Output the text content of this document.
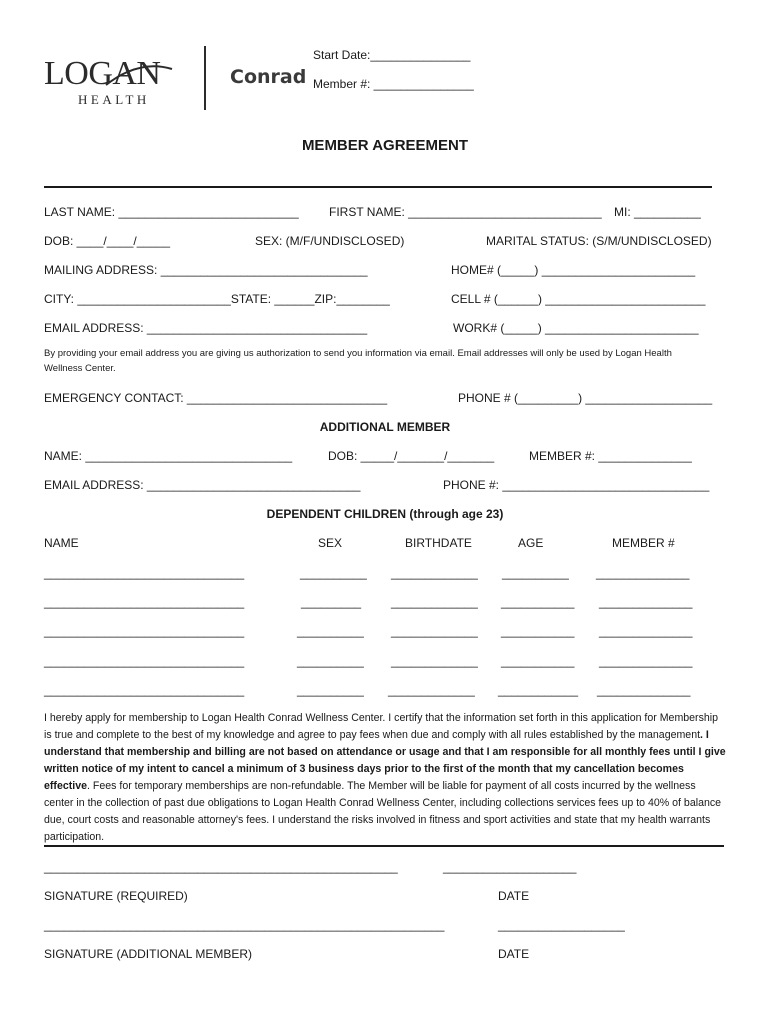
LOGAN
HEALTH
Conrad
Start Date:_______________
Member #: _______________
MEMBER AGREEMENT
LAST NAME: ___________________________	FIRST NAME: _____________________________ MI: __________
DOB: ____/____/_____	SEX: (M/F/UNDISCLOSED)	MARITAL STATUS: (S/M/UNDISCLOSED)
MAILING ADDRESS: _______________________________	HOME# (_____) _______________________
CITY: _______________________STATE: ______ZIP:________	CELL # (______) ________________________
EMAIL ADDRESS: _________________________________	WORK# (_____) _______________________
By providing your email address you are giving us authorization to send you information via email. Email addresses will only be used by Logan Health Wellness Center.
EMERGENCY CONTACT: ______________________________	PHONE # (_________) ___________________
ADDITIONAL MEMBER
NAME: _______________________________	DOB: _____/_______/_______	MEMBER #: ______________
EMAIL ADDRESS: ________________________________	PHONE #: _______________________________
DEPENDENT CHILDREN (through age 23)
NAME	SEX	BIRTHDATE	AGE	MEMBER #
______________________________	__________ _____________ __________ ______________
______________________________	_________ _____________ ___________ ______________
______________________________	__________ _____________ ___________ ______________
______________________________	__________ _____________ ___________ ______________
______________________________	__________ _____________ ____________ ______________
I hereby apply for membership to Logan Health Conrad Wellness Center. I certify that the information set forth in this application for Membership is true and complete to the best of my knowledge and agree to pay fees when due and comply with all rules established by the management. I understand that membership and billing are not based on attendance or usage and that I am responsible for all monthly fees until I give written notice of my intent to cancel a minimum of 3 business days prior to the first of the month that my cancellation becomes effective. Fees for temporary memberships are non-refundable. The Member will be liable for payment of all costs incurred by the wellness center in the collection of past due obligations to Logan Health Conrad Wellness Center, including collections services fees up to 40% of balance due, court costs and reasonable attorney's fees. I understand the risks involved in fitness and sport activities and state that my health warrants participation.
_____________________________________________________	____________________
SIGNATURE (REQUIRED)	DATE
____________________________________________________________	___________________
SIGNATURE (ADDITIONAL MEMBER)	DATE
